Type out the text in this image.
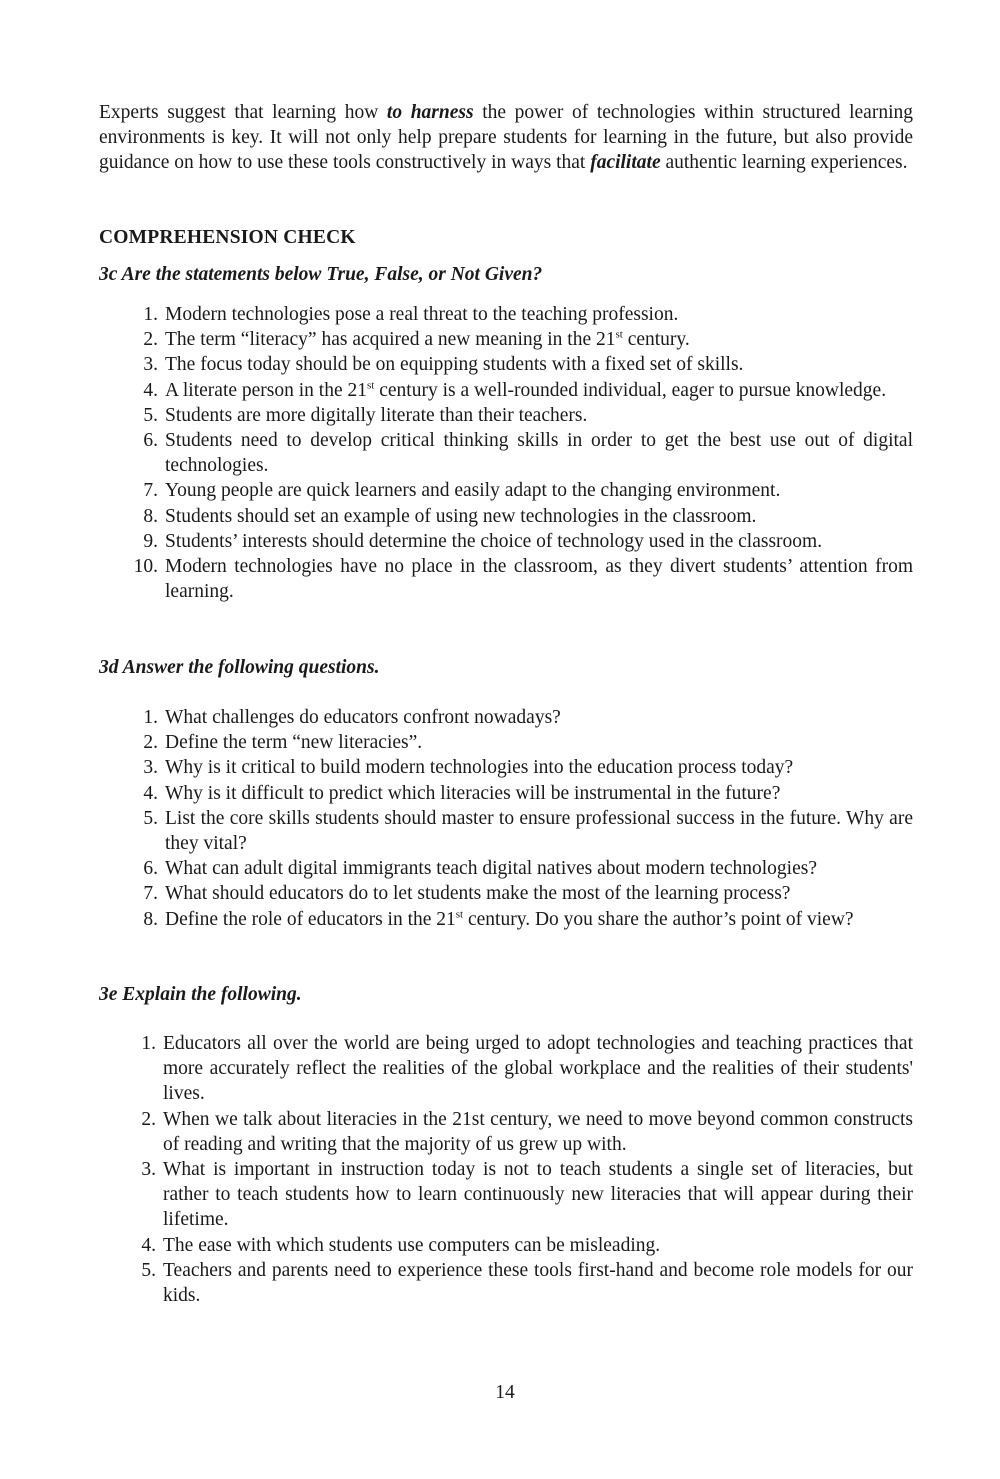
Experts suggest that learning how to harness the power of technologies within structured learning environments is key. It will not only help prepare students for learning in the future, but also provide guidance on how to use these tools constructively in ways that facilitate authentic learning experiences.

COMPREHENSION CHECK

3c Are the statements below True, False, or Not Given?

1. Modern technologies pose a real threat to the teaching profession.
2. The term “literacy” has acquired a new meaning in the 21st century.
3. The focus today should be on equipping students with a fixed set of skills.
4. A literate person in the 21st century is a well-rounded individual, eager to pursue knowledge.
5. Students are more digitally literate than their teachers.
6. Students need to develop critical thinking skills in order to get the best use out of digital technologies.
7. Young people are quick learners and easily adapt to the changing environment.
8. Students should set an example of using new technologies in the classroom.
9. Students’ interests should determine the choice of technology used in the classroom.
10. Modern technologies have no place in the classroom, as they divert students’ attention from learning.

3d Answer the following questions.

1. What challenges do educators confront nowadays?
2. Define the term “new literacies”.
3. Why is it critical to build modern technologies into the education process today?
4. Why is it difficult to predict which literacies will be instrumental in the future?
5. List the core skills students should master to ensure professional success in the future. Why are they vital?
6. What can adult digital immigrants teach digital natives about modern technologies?
7. What should educators do to let students make the most of the learning process?
8. Define the role of educators in the 21st century. Do you share the author’s point of view?

3e Explain the following.

1. Educators all over the world are being urged to adopt technologies and teaching practices that more accurately reflect the realities of the global workplace and the realities of their students' lives.
2. When we talk about literacies in the 21st century, we need to move beyond common constructs of reading and writing that the majority of us grew up with.
3. What is important in instruction today is not to teach students a single set of literacies, but rather to teach students how to learn continuously new literacies that will appear during their lifetime.
4. The ease with which students use computers can be misleading.
5. Teachers and parents need to experience these tools first-hand and become role models for our kids.

14
